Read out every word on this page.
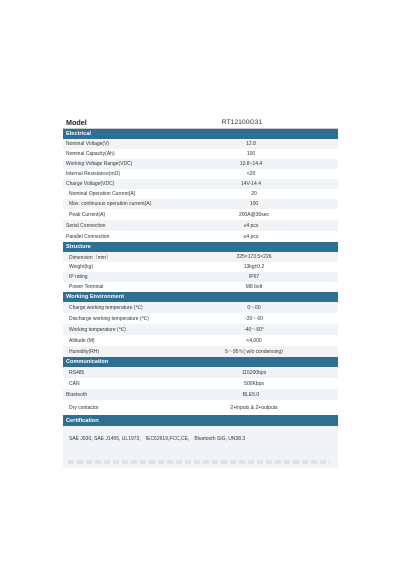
Model	RT12100G31
Electrical
Nominal Voltage(V)	12.8
Nominal Capacity(Ah)	100
Working Voltage Range(VDC)	10.8~14.4
Internal Resistance(mΩ)	<20
Charge Voltage(VDC)	14V-14.4
Nominal Operation Current(A)	20
Max. continuous operation current(A)	100
Peak Current(A)	200A@30sec
Serial Connection	≤4 pcs
Parallel Connection	≤4 pcs
Structure
Dimension（mm）	325×173.5×226
Weight(kg)	13kg±0.2
IP rating	IP67
Power Terminal	M8 bolt
Working Environment
Charge working temperature (℃)	0～60
Discharge working temperature (℃)	-20～60
Working temperature (℃)	-40～60°
Altitude (M)	<4,000
Humidity(RH)	5～95％( w/o condensing)
Communication
RS485	115200bps
CAN	500Kbps
Bluetooth	BLE5.0
Dry contactor	2+inputs & 2+outputs
Certification
SAE J930, SAE J1455, UL1973， IEC62619,FCC,CE， Bluetooth SIG, UN38.3
